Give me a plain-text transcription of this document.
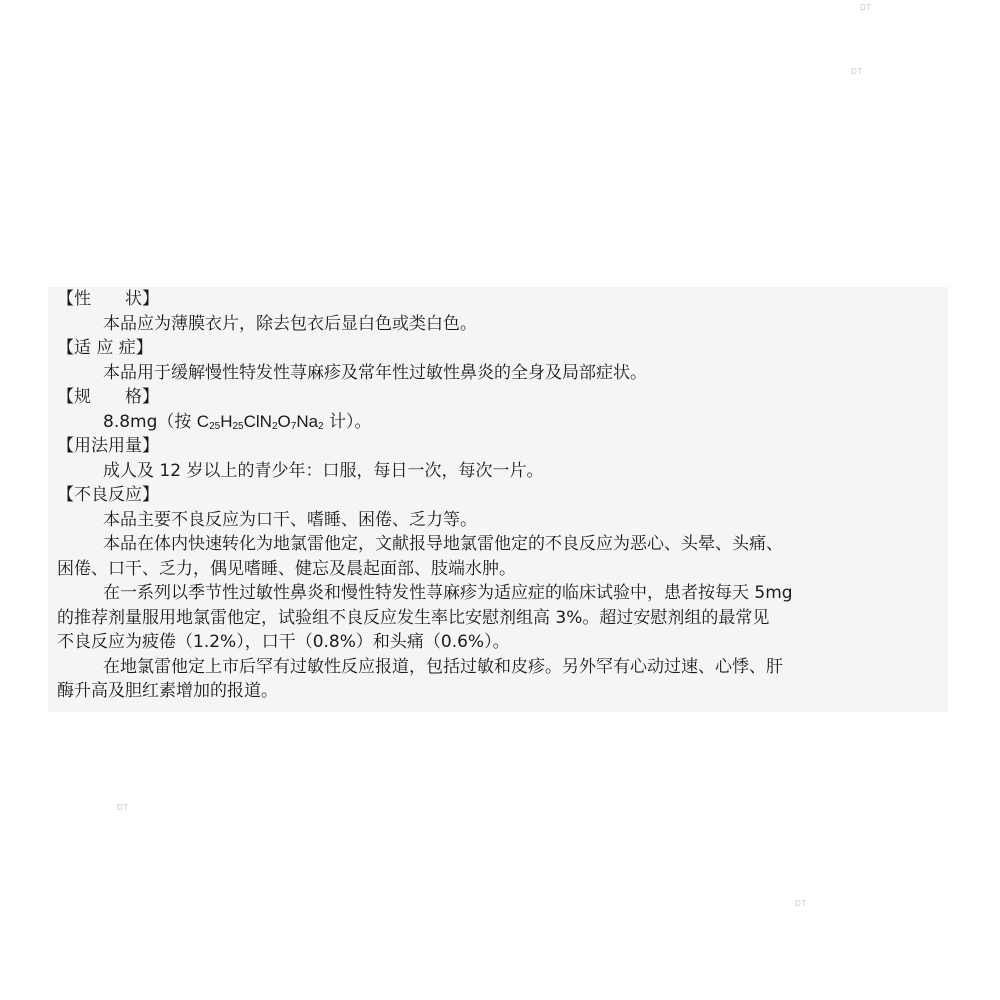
DT
DT
DT
DT
【性　　状】
本品应为薄膜衣片，除去包衣后显白色或类白色。
【适 应 症】
本品用于缓解慢性特发性荨麻疹及常年性过敏性鼻炎的全身及局部症状。
【规　　格】
8.8mg（按 $C_{25}H_{25}ClN_2O_7Na_2$ 计）。
【用法用量】
成人及 12 岁以上的青少年：口服，每日一次，每次一片。
【不良反应】
本品主要不良反应为口干、嗜睡、困倦、乏力等。
本品在体内快速转化为地氯雷他定，文献报导地氯雷他定的不良反应为恶心、头晕、头痛、
困倦、口干、乏力，偶见嗜睡、健忘及晨起面部、肢端水肿。
在一系列以季节性过敏性鼻炎和慢性特发性荨麻疹为适应症的临床试验中，患者按每天 5mg
的推荐剂量服用地氯雷他定，试验组不良反应发生率比安慰剂组高 3%。超过安慰剂组的最常见
不良反应为疲倦（1.2%），口干（0.8%）和头痛（0.6%）。
在地氯雷他定上市后罕有过敏性反应报道，包括过敏和皮疹。另外罕有心动过速、心悸、肝
酶升高及胆红素增加的报道。
